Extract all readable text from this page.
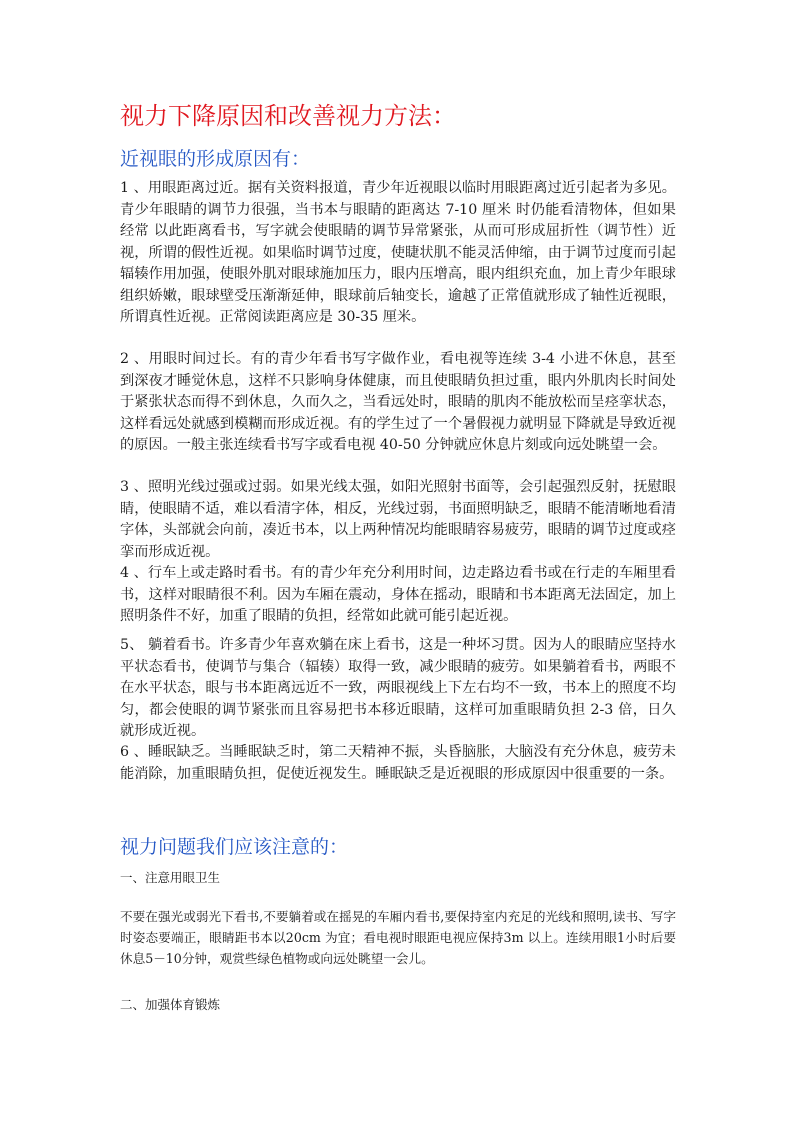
视力下降原因和改善视力方法：
近视眼的形成原因有：
1 、用眼距离过近。据有关资料报道，青少年近视眼以临时用眼距离过近引起者为多见。青少年眼睛的调节力很强，当书本与眼睛的距离达 7-10 厘米 时仍能看清物体，但如果经常 以此距离看书，写字就会使眼睛的调节异常紧张，从而可形成屈折性（调节性）近视，所谓的假性近视。如果临时调节过度，使睫状肌不能灵活伸缩，由于调节过度而引起辐辏作用加强，使眼外肌对眼球施加压力，眼内压增高，眼内组织充血，加上青少年眼球组织娇嫩，眼球壁受压渐渐延伸，眼球前后轴变长，逾越了正常值就形成了轴性近视眼，所谓真性近视。正常阅读距离应是 30-35 厘米。
2 、用眼时间过长。有的青少年看书写字做作业，看电视等连续 3-4 小进不休息，甚至到深夜才睡觉休息，这样不只影响身体健康，而且使眼睛负担过重，眼内外肌肉长时间处于紧张状态而得不到休息，久而久之，当看远处时，眼睛的肌肉不能放松而呈痉挛状态，这样看远处就感到模糊而形成近视。有的学生过了一个暑假视力就明显下降就是导致近视的原因。一般主张连续看书写字或看电视 40-50 分钟就应休息片刻或向远处眺望一会。
3 、照明光线过强或过弱。如果光线太强，如阳光照射书面等，会引起强烈反射，抚慰眼睛，使眼睛不适，难以看清字体，相反，光线过弱，书面照明缺乏，眼睛不能清晰地看清字体，头部就会向前，凑近书本，以上两种情况均能眼睛容易疲劳，眼睛的调节过度或痉挛而形成近视。
4 、行车上或走路时看书。有的青少年充分利用时间，边走路边看书或在行走的车厢里看书，这样对眼睛很不利。因为车厢在震动，身体在摇动，眼睛和书本距离无法固定，加上照明条件不好，加重了眼睛的负担，经常如此就可能引起近视。
5、 躺着看书。许多青少年喜欢躺在床上看书，这是一种坏习贯。因为人的眼睛应坚持水平状态看书，使调节与集合（辐辏）取得一致，减少眼睛的疲劳。如果躺着看书，两眼不在水平状态，眼与书本距离远近不一致，两眼视线上下左右均不一致，书本上的照度不均匀，都会使眼的调节紧张而且容易把书本移近眼睛，这样可加重眼睛负担 2-3 倍，日久就形成近视。
6 、睡眠缺乏。当睡眠缺乏时，第二天精神不振，头昏脑胀，大脑没有充分休息，疲劳未能消除，加重眼睛负担，促使近视发生。睡眠缺乏是近视眼的形成原因中很重要的一条。
视力问题我们应该注意的：
一、注意用眼卫生
不要在强光或弱光下看书,不要躺着或在摇晃的车厢内看书,要保持室内充足的光线和照明,读书、写字时姿态要端正，眼睛距书本以20cm 为宜；看电视时眼距电视应保持3m 以上。连续用眼1小时后要休息5－10分钟，观赏些绿色植物或向远处眺望一会儿。
二、加强体育锻炼
